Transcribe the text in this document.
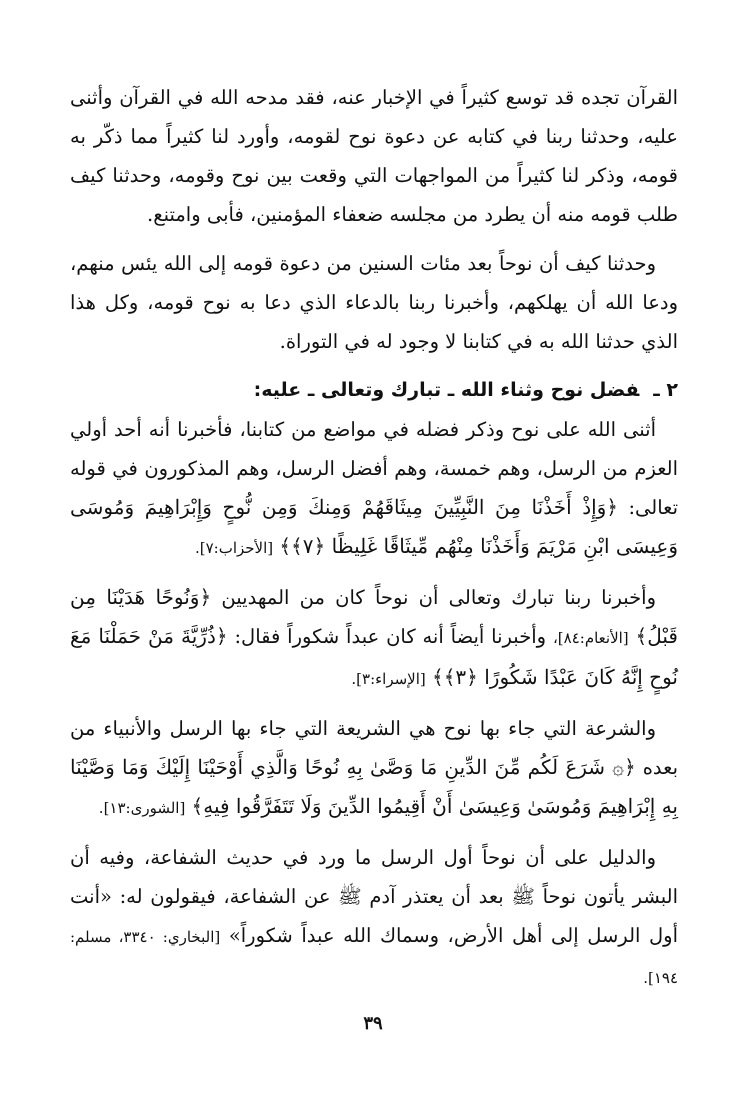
القرآن تجده قد توسع كثيراً في الإخبار عنه، فقد مدحه الله في القرآن وأثنى عليه، وحدثنا ربنا في كتابه عن دعوة نوح لقومه، وأورد لنا كثيراً مما ذكّر به قومه، وذكر لنا كثيراً من المواجهات التي وقعت بين نوح وقومه، وحدثنا كيف طلب قومه منه أن يطرد من مجلسه ضعفاء المؤمنين، فأبى وامتنع.

وحدثنا كيف أن نوحاً بعد مئات السنين من دعوة قومه إلى الله يئس منهم، ودعا الله أن يهلكهم، وأخبرنا ربنا بالدعاء الذي دعا به نوح قومه، وكل هذا الذي حدثنا الله به في كتابنا لا وجود له في التوراة.

٢ ـفضل نوح وثناء الله ـ تبارك وتعالى ـ عليه:

أثنى الله على نوح وذكر فضله في مواضع من كتابنا، فأخبرنا أنه أحد أولي العزم من الرسل، وهم خمسة، وهم أفضل الرسل، وهم المذكورون في قوله تعالى: ﴿وَإِذْ أَخَذْنَا مِنَ النَّبِيِّينَ مِيثَاقَهُمْ وَمِنكَ وَمِن نُّوحٍ وَإِبْرَاهِيمَ وَمُوسَى وَعِيسَى ابْنِ مَرْيَمَ وَأَخَذْنَا مِنْهُم مِّيثَاقًا غَلِيظًا ﴿٧﴾﴾ [الأحزاب:٧].

وأخبرنا ربنا تبارك وتعالى أن نوحاً كان من المهديين ﴿وَنُوحًا هَدَيْنَا مِن قَبْلُ﴾ [الأنعام:٨٤]، وأخبرنا أيضاً أنه كان عبداً شكوراً فقال: ﴿ذُرِّيَّةَ مَنْ حَمَلْنَا مَعَ نُوحٍ إِنَّهُ كَانَ عَبْدًا شَكُورًا ﴿٣﴾﴾ [الإسراء:٣].

والشرعة التي جاء بها نوح هي الشريعة التي جاء بها الرسل والأنبياء من بعده ﴿۞ شَرَعَ لَكُم مِّنَ الدِّينِ مَا وَصَّىٰ بِهِ نُوحًا وَالَّذِي أَوْحَيْنَا إِلَيْكَ وَمَا وَصَّيْنَا بِهِ إِبْرَاهِيمَ وَمُوسَىٰ وَعِيسَىٰ أَنْ أَقِيمُوا الدِّينَ وَلَا تَتَفَرَّقُوا فِيهِ﴾ [الشورى:١٣].

والدليل على أن نوحاً أول الرسل ما ورد في حديث الشفاعة، وفيه أن البشر يأتون نوحاً ﷺ بعد أن يعتذر آدم ﷺ عن الشفاعة، فيقولون له: «أنت أول الرسل إلى أهل الأرض، وسماك الله عبداً شكوراً» [البخاري: ٣٣٤٠، مسلم: ١٩٤].

٣٩
